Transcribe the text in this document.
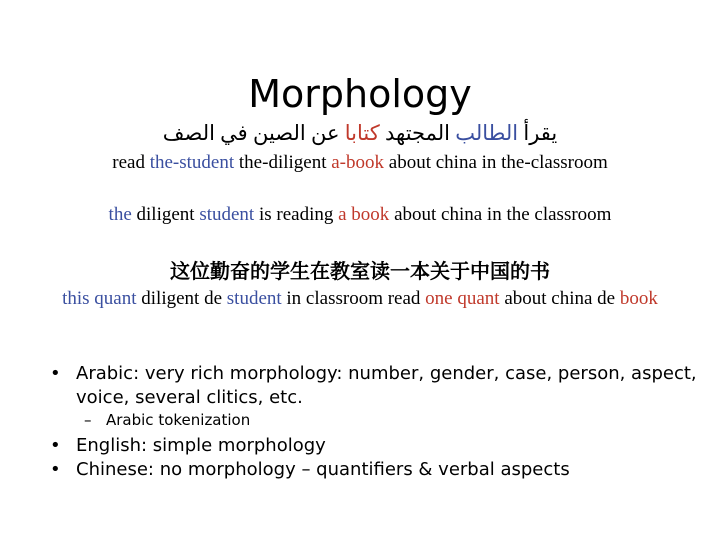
Morphology
يقرأ الطالب المجتهد كتابا عن الصين في الصف
read the-student the-diligent a-book about china in the-classroom
the diligent student is reading a book about china in the classroom
这位勤奋的学生在教室读一本关于中国的书
this quant diligent de student in classroom read one quant about china de book
• Arabic: very rich morphology: number, gender, case, person, aspect, voice, several clitics, etc.
– Arabic tokenization
• English: simple morphology
• Chinese: no morphology – quantifiers & verbal aspects
